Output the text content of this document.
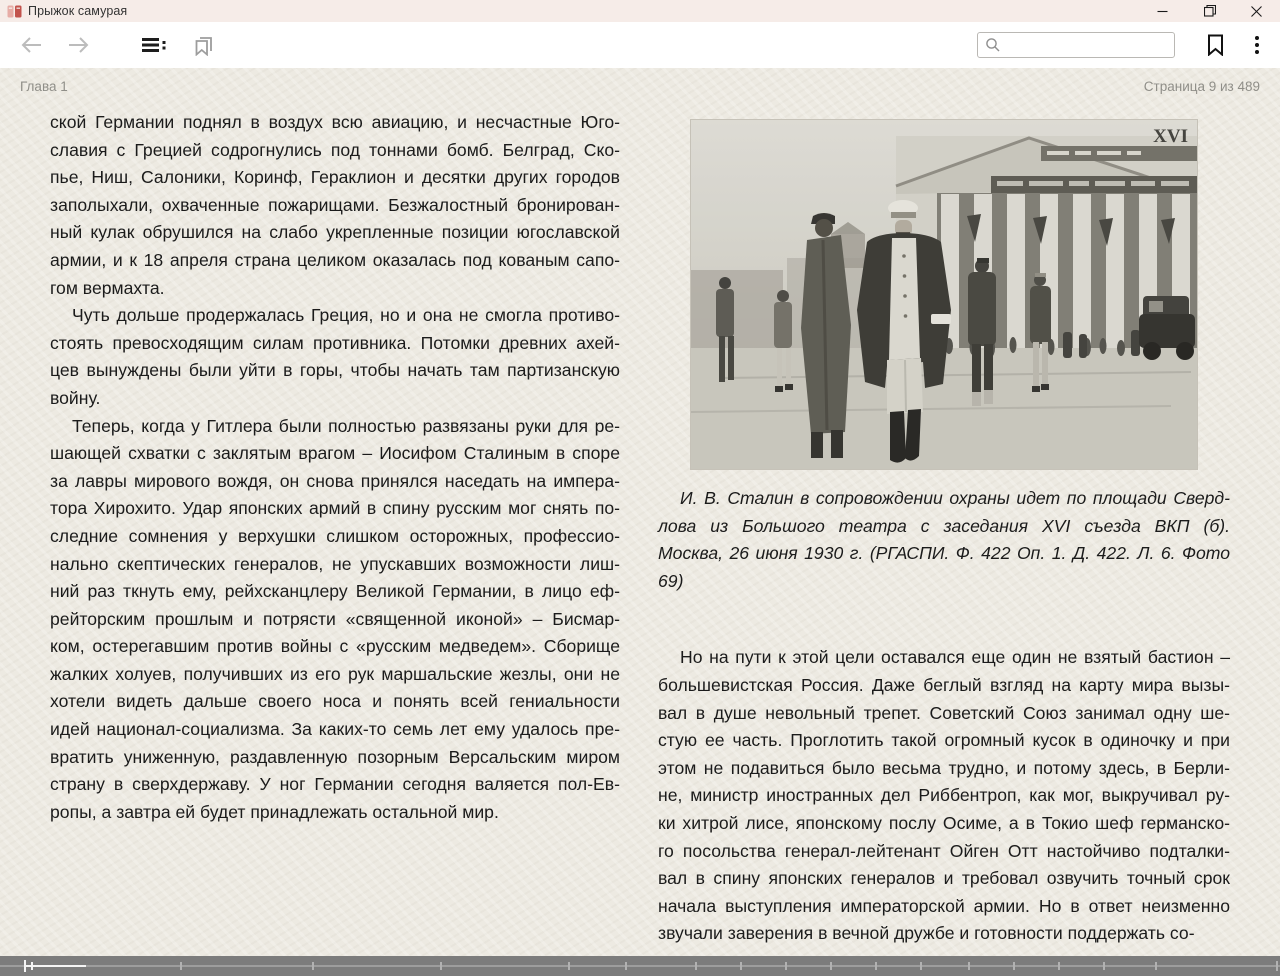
Прыжок самурая
Глава 1	Страница 9 из 489
ской Германии поднял в воздух всю авиацию, и несчастные Юго-
славия с Грецией содрогнулись под тоннами бомб. Белград, Ско-
пье, Ниш, Салоники, Коринф, Гераклион и десятки других городов
заполыхали, охваченные пожарищами. Безжалостный бронирован-
ный кулак обрушился на слабо укрепленные позиции югославской
армии, и к 18 апреля страна целиком оказалась под кованым сапо-
гом вермахта.
Чуть дольше продержалась Греция, но и она не смогла противо-
стоять превосходящим силам противника. Потомки древних ахей-
цев вынуждены были уйти в горы, чтобы начать там партизанскую
войну.
Теперь, когда у Гитлера были полностью развязаны руки для ре-
шающей схватки с заклятым врагом – Иосифом Сталиным в споре
за лавры мирового вождя, он снова принялся наседать на импера-
тора Хирохито. Удар японских армий в спину русским мог снять по-
следние сомнения у верхушки слишком осторожных, профессио-
нально скептических генералов, не упускавших возможности лиш-
ний раз ткнуть ему, рейхсканцлеру Великой Германии, в лицо еф-
рейторским прошлым и потрясти «священной иконой» – Бисмар-
ком, остерегавшим против войны с «русским медведем». Сборище
жалких холуев, получивших из его рук маршальские жезлы, они не
хотели видеть дальше своего носа и понять всей гениальности
идей национал-социализма. За каких-то семь лет ему удалось пре-
вратить униженную, раздавленную позорным Версальским миром
страну в сверхдержаву. У ног Германии сегодня валяется пол-Ев-
ропы, а завтра ей будет принадлежать остальной мир.
XVI
И. В. Сталин в сопровождении охраны идет по площади Сверд-
лова из Большого театра с заседания XVI съезда ВКП (б).
Москва, 26 июня 1930 г. (РГАСПИ. Ф. 422 Оп. 1. Д. 422. Л. 6. Фото
69)
Но на пути к этой цели оставался еще один не взятый бастион –
большевистская Россия. Даже беглый взгляд на карту мира вызы-
вал в душе невольный трепет. Советский Союз занимал одну ше-
стую ее часть. Проглотить такой огромный кусок в одиночку и при
этом не подавиться было весьма трудно, и потому здесь, в Берли-
не, министр иностранных дел Риббентроп, как мог, выкручивал ру-
ки хитрой лисе, японскому послу Осиме, а в Токио шеф германско-
го посольства генерал-лейтенант Ойген Отт настойчиво подталки-
вал в спину японских генералов и требовал озвучить точный срок
начала выступления императорской армии. Но в ответ неизменно
звучали заверения в вечной дружбе и готовности поддержать со-
